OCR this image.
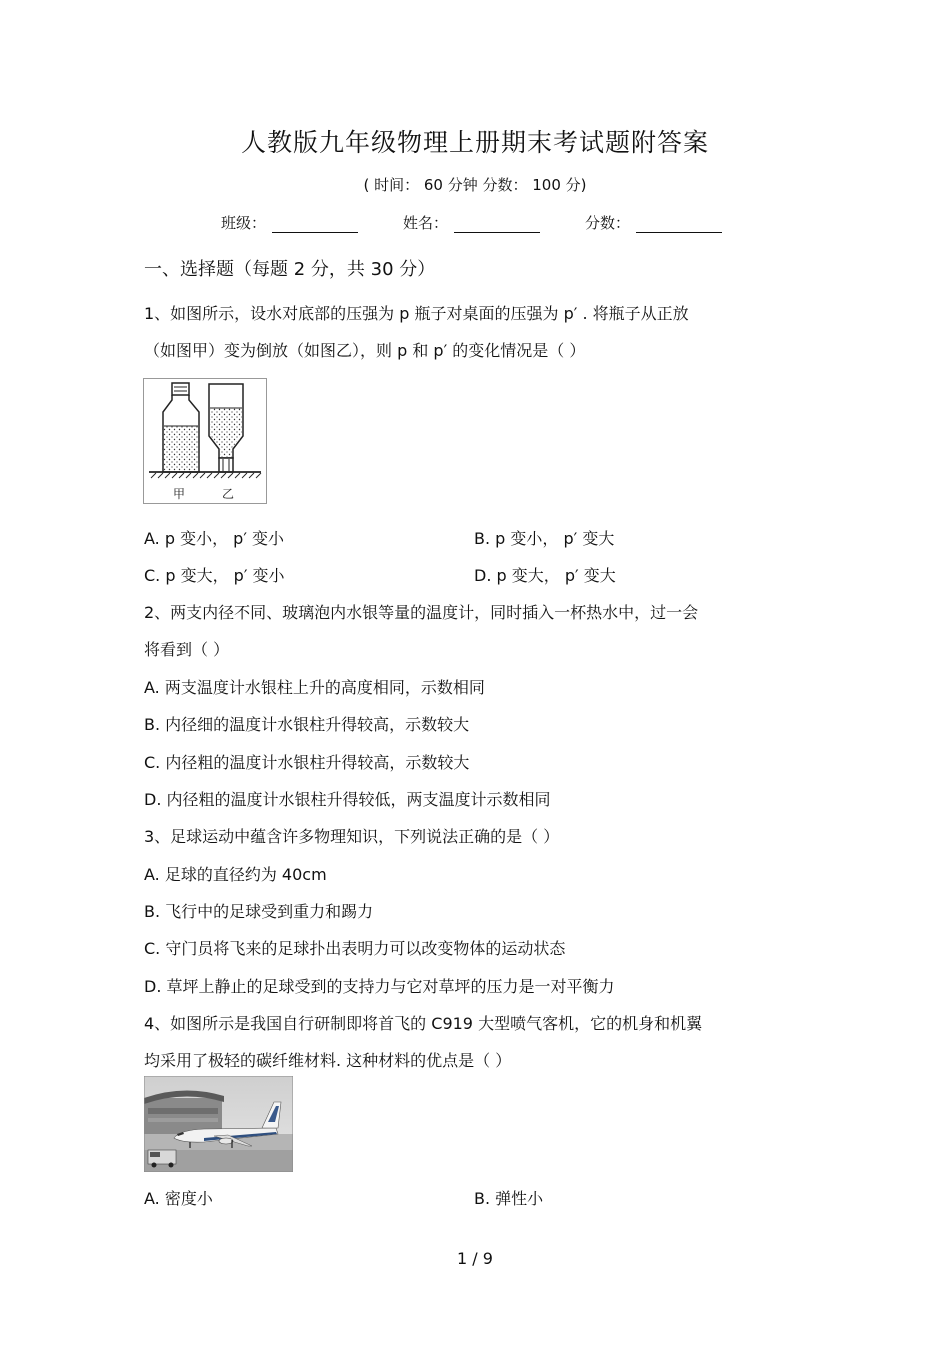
人教版九年级物理上册期末考试题附答案
( 时间： 60 分钟 分数： 100 分)
班级：	姓名：	分数：
一、选择题（每题 2 分，共 30 分）
1、如图所示，设水对底部的压强为 p 瓶子对桌面的压强为 p′ . 将瓶子从正放
（如图甲）变为倒放（如图乙），则 p 和 p′ 的变化情况是（ ）
甲	乙
A. p 变小， p′ 变小	B. p 变小， p′ 变大
C. p 变大， p′ 变小	D. p 变大， p′ 变大
2、两支内径不同、玻璃泡内水银等量的温度计，同时插入一杯热水中，过一会
将看到（ ）
A. 两支温度计水银柱上升的高度相同，示数相同
B. 内径细的温度计水银柱升得较高，示数较大
C. 内径粗的温度计水银柱升得较高，示数较大
D. 内径粗的温度计水银柱升得较低，两支温度计示数相同
3、足球运动中蕴含许多物理知识，下列说法正确的是（ ）
A. 足球的直径约为 40cm
B. 飞行中的足球受到重力和踢力
C. 守门员将飞来的足球扑出表明力可以改变物体的运动状态
D. 草坪上静止的足球受到的支持力与它对草坪的压力是一对平衡力
4、如图所示是我国自行研制即将首飞的 C919 大型喷气客机，它的机身和机翼
均采用了极轻的碳纤维材料. 这种材料的优点是（ ）
A. 密度小	B. 弹性小
1 / 9
